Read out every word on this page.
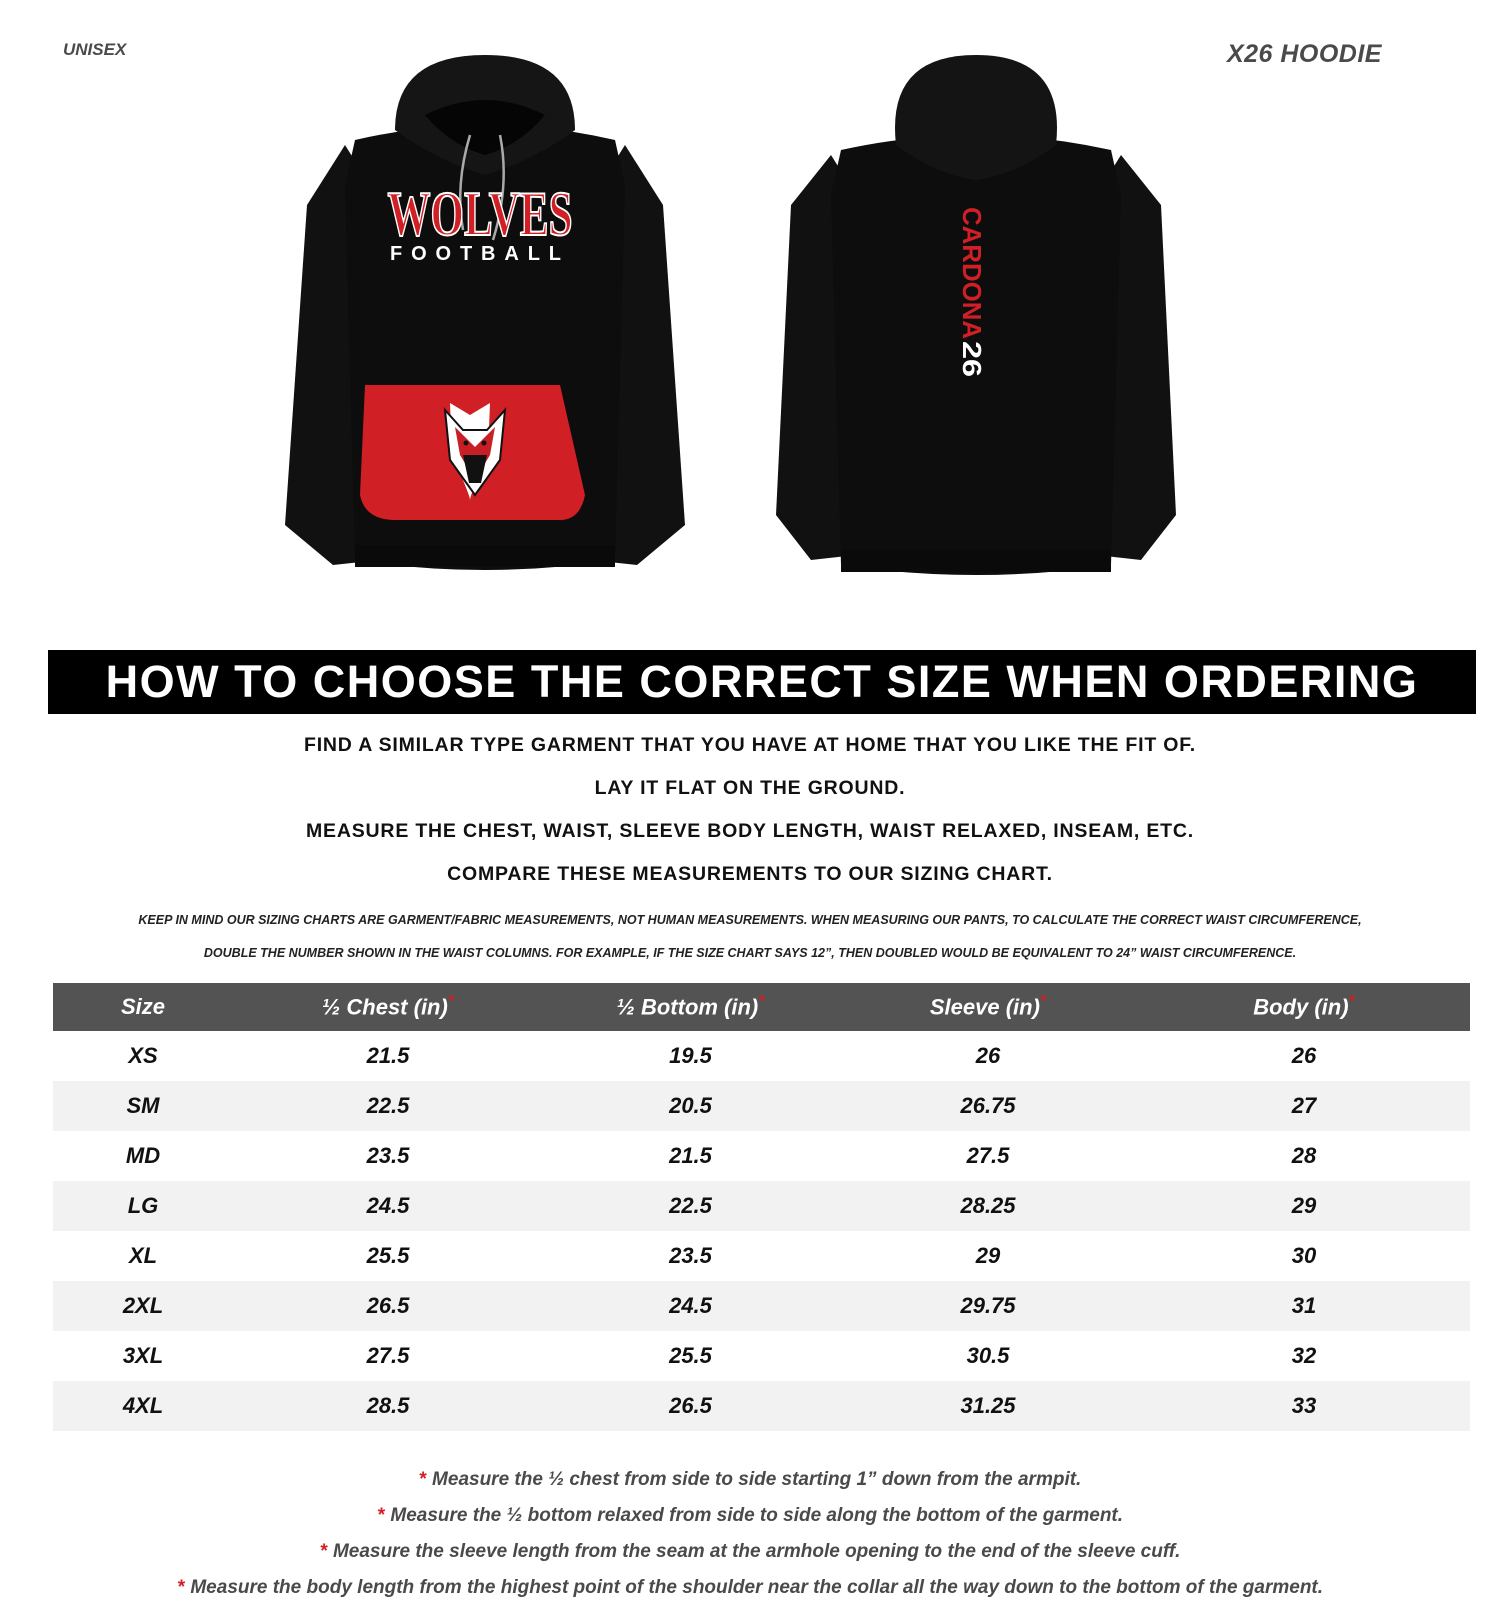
UNISEX	X26 HOODIE
WOLVES
FOOTBALL	CARDONA
26
HOW TO CHOOSE THE CORRECT SIZE WHEN ORDERING
FIND A SIMILAR TYPE GARMENT THAT YOU HAVE AT HOME THAT YOU LIKE THE FIT OF.
LAY IT FLAT ON THE GROUND.
MEASURE THE CHEST, WAIST, SLEEVE BODY LENGTH, WAIST RELAXED, INSEAM, ETC.
COMPARE THESE MEASUREMENTS TO OUR SIZING CHART.
KEEP IN MIND OUR SIZING CHARTS ARE GARMENT/FABRIC MEASUREMENTS, NOT HUMAN MEASUREMENTS. WHEN MEASURING OUR PANTS, TO CALCULATE THE CORRECT WAIST CIRCUMFERENCE,
DOUBLE THE NUMBER SHOWN IN THE WAIST COLUMNS. FOR EXAMPLE, IF THE SIZE CHART SAYS 12”, THEN DOUBLED WOULD BE EQUIVALENT TO 24” WAIST CIRCUMFERENCE.
Size	½ Chest (in)*	½ Bottom (in)*	Sleeve (in)*	Body (in)*
XS	21.5	19.5	26	26
SM	22.5	20.5	26.75	27
MD	23.5	21.5	27.5	28
LG	24.5	22.5	28.25	29
XL	25.5	23.5	29	30
2XL	26.5	24.5	29.75	31
3XL	27.5	25.5	30.5	32
4XL	28.5	26.5	31.25	33
* Measure the ½ chest from side to side starting 1” down from the armpit.
* Measure the ½ bottom relaxed from side to side along the bottom of the garment.
* Measure the sleeve length from the seam at the armhole opening to the end of the sleeve cuff.
* Measure the body length from the highest point of the shoulder near the collar all the way down to the bottom of the garment.
